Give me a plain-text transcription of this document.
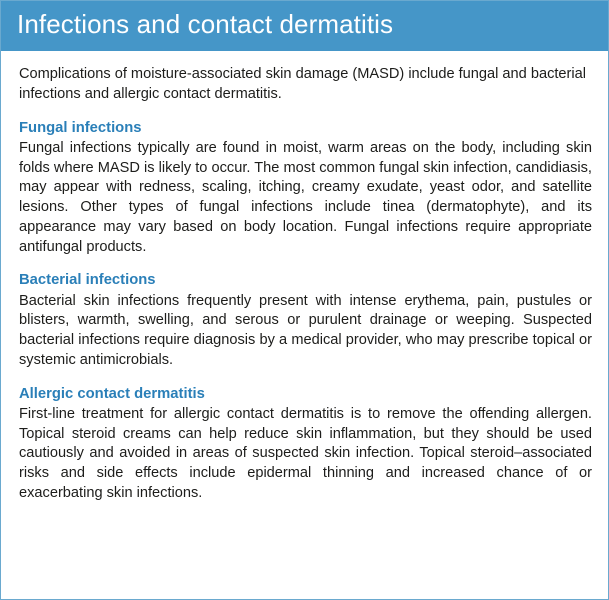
Infections and contact dermatitis

Complications of moisture-associated skin damage (MASD) include fungal and bacterial infections and allergic contact dermatitis.

Fungal infections

Fungal infections typically are found in moist, warm areas on the body, including skin folds where MASD is likely to occur. The most common fungal skin infection, candidiasis, may appear with redness, scaling, itching, creamy exudate, yeast odor, and satellite lesions. Other types of fungal infections include tinea (dermatophyte), and its appearance may vary based on body location. Fungal infections require appropriate antifungal products.

Bacterial infections

Bacterial skin infections frequently present with intense erythema, pain, pustules or blisters, warmth, swelling, and serous or purulent drainage or weeping. Suspected bacterial infections require diagnosis by a medical provider, who may prescribe topical or systemic antimicrobials.

Allergic contact dermatitis

First-line treatment for allergic contact dermatitis is to remove the offending allergen. Topical steroid creams can help reduce skin inflammation, but they should be used cautiously and avoided in areas of suspected skin infection. Topical steroid–associated risks and side effects include epidermal thinning and increased chance of or exacerbating skin infections.
